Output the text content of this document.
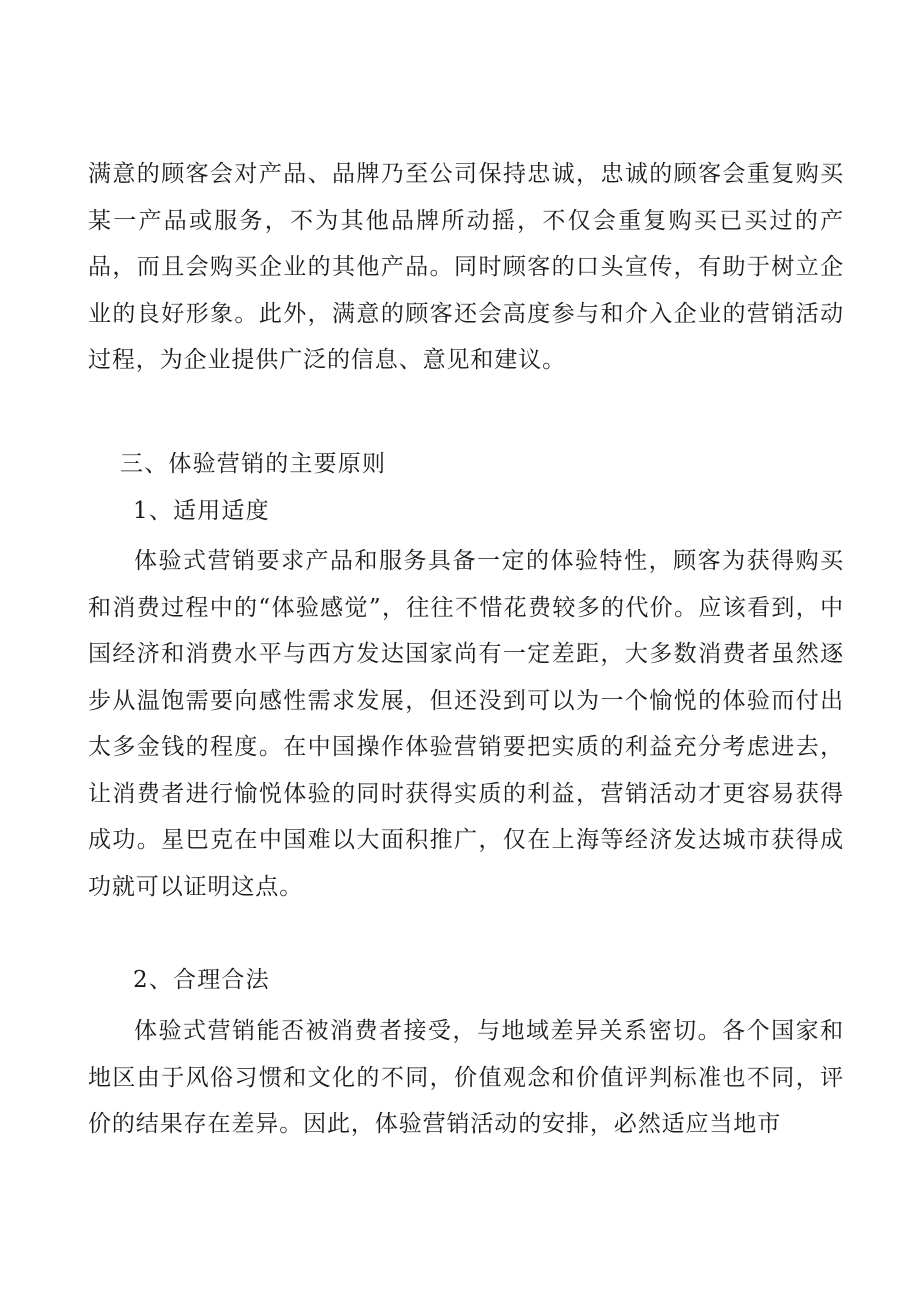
满意的顾客会对产品、品牌乃至公司保持忠诚，忠诚的顾客会重复购买某一产品或服务，不为其他品牌所动摇，不仅会重复购买已买过的产品，而且会购买企业的其他产品。同时顾客的口头宣传，有助于树立企业的良好形象。此外，满意的顾客还会高度参与和介入企业的营销活动过程，为企业提供广泛的信息、意见和建议。

三、体验营销的主要原则

1、适用适度

体验式营销要求产品和服务具备一定的体验特性，顾客为获得购买和消费过程中的“体验感觉”，往往不惜花费较多的代价。应该看到，中国经济和消费水平与西方发达国家尚有一定差距，大多数消费者虽然逐步从温饱需要向感性需求发展，但还没到可以为一个愉悦的体验而付出太多金钱的程度。在中国操作体验营销要把实质的利益充分考虑进去，让消费者进行愉悦体验的同时获得实质的利益，营销活动才更容易获得成功。星巴克在中国难以大面积推广，仅在上海等经济发达城市获得成功就可以证明这点。

2、合理合法

体验式营销能否被消费者接受，与地域差异关系密切。各个国家和地区由于风俗习惯和文化的不同，价值观念和价值评判标准也不同，评价的结果存在差异。因此，体验营销活动的安排，必然适应当地市
